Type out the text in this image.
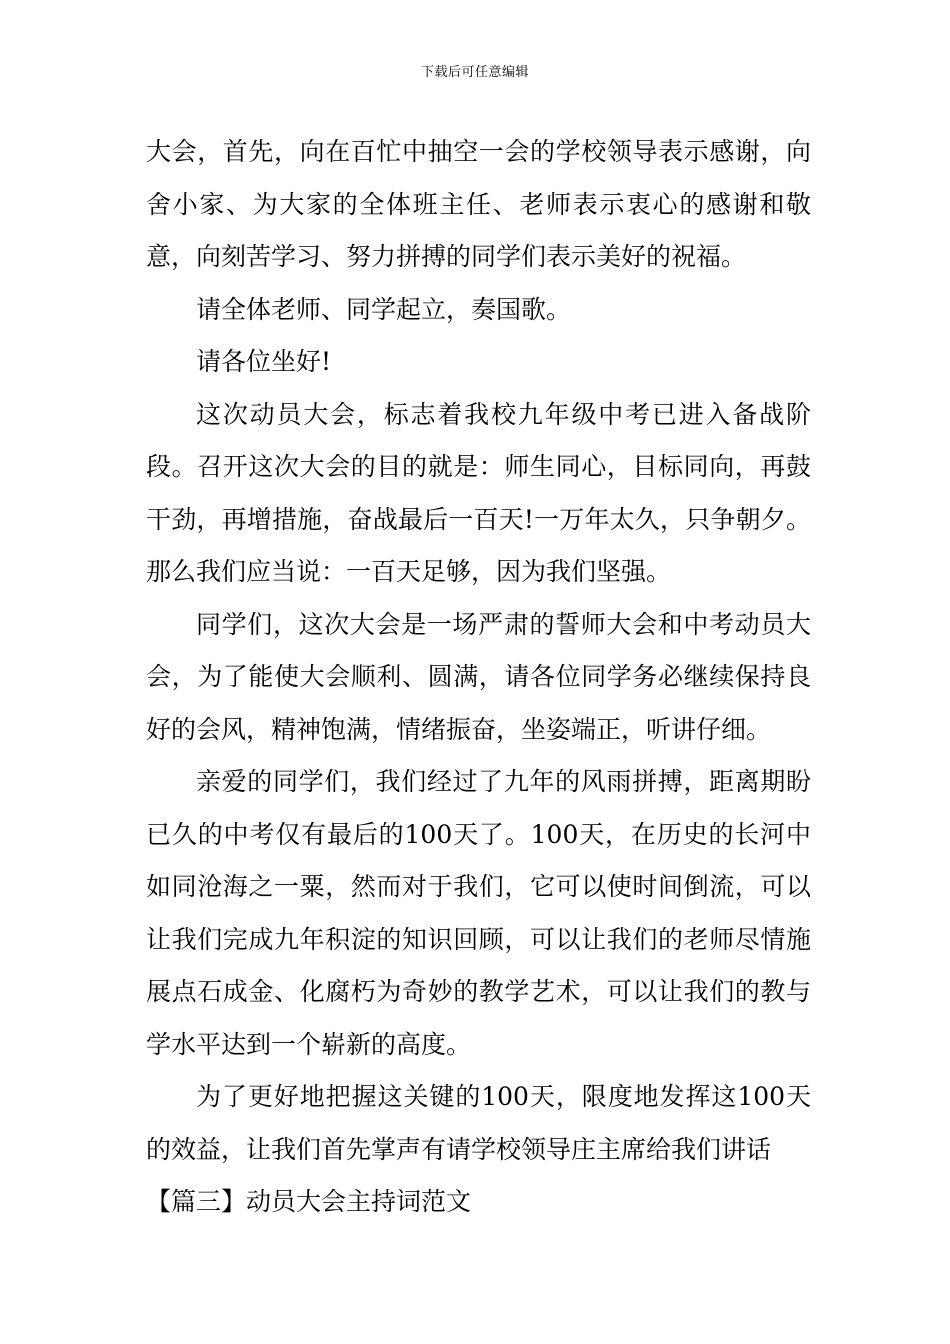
下载后可任意编辑

大会，首先，向在百忙中抽空一会的学校领导表示感谢，向舍小家、为大家的全体班主任、老师表示衷心的感谢和敬意，向刻苦学习、努力拼搏的同学们表示美好的祝福。

请全体老师、同学起立，奏国歌。

请各位坐好!

这次动员大会，标志着我校九年级中考已进入备战阶段。召开这次大会的目的就是：师生同心，目标同向，再鼓干劲，再增措施，奋战最后一百天!一万年太久，只争朝夕。那么我们应当说：一百天足够，因为我们坚强。

同学们，这次大会是一场严肃的誓师大会和中考动员大会，为了能使大会顺利、圆满，请各位同学务必继续保持良好的会风，精神饱满，情绪振奋，坐姿端正，听讲仔细。

亲爱的同学们，我们经过了九年的风雨拼搏，距离期盼已久的中考仅有最后的100天了。100天，在历史的长河中如同沧海之一粟，然而对于我们，它可以使时间倒流，可以让我们完成九年积淀的知识回顾，可以让我们的老师尽情施展点石成金、化腐朽为奇妙的教学艺术，可以让我们的教与学水平达到一个崭新的高度。

为了更好地把握这关键的100天，限度地发挥这100天的效益，让我们首先掌声有请学校领导庄主席给我们讲话

【篇三】动员大会主持词范文
